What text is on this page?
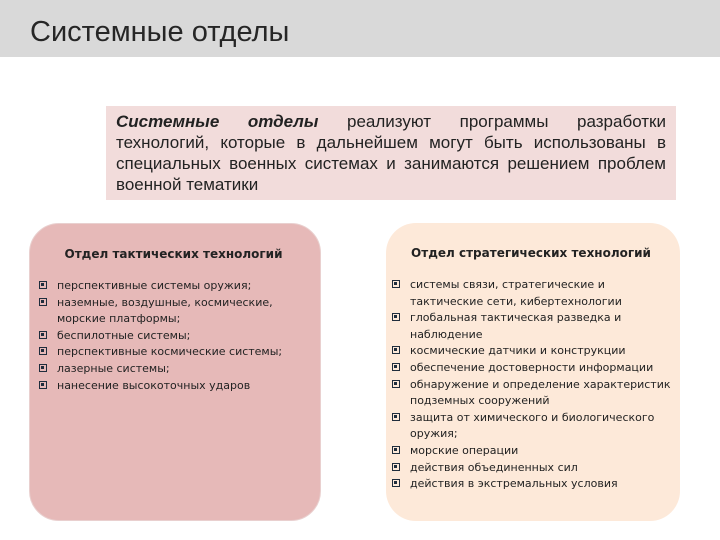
Системные отделы
Системные отделы реализуют программы разработки технологий, которые в дальнейшем могут быть использованы в специальных военных системах и занимаются решением проблем военной тематики
Отдел тактических технологий
перспективные системы оружия;
наземные, воздушные, космические, морские платформы;
беспилотные системы;
перспективные космические системы;
лазерные системы;
нанесение высокоточных ударов
Отдел стратегических технологий
системы связи, стратегические и тактические сети, кибертехнологии
глобальная тактическая разведка и наблюдение
космические датчики и конструкции
обеспечение достоверности информации
обнаружение и определение характеристик подземных сооружений
защита от химического и биологического оружия;
морские операции
действия объединенных сил
действия в экстремальных условия
